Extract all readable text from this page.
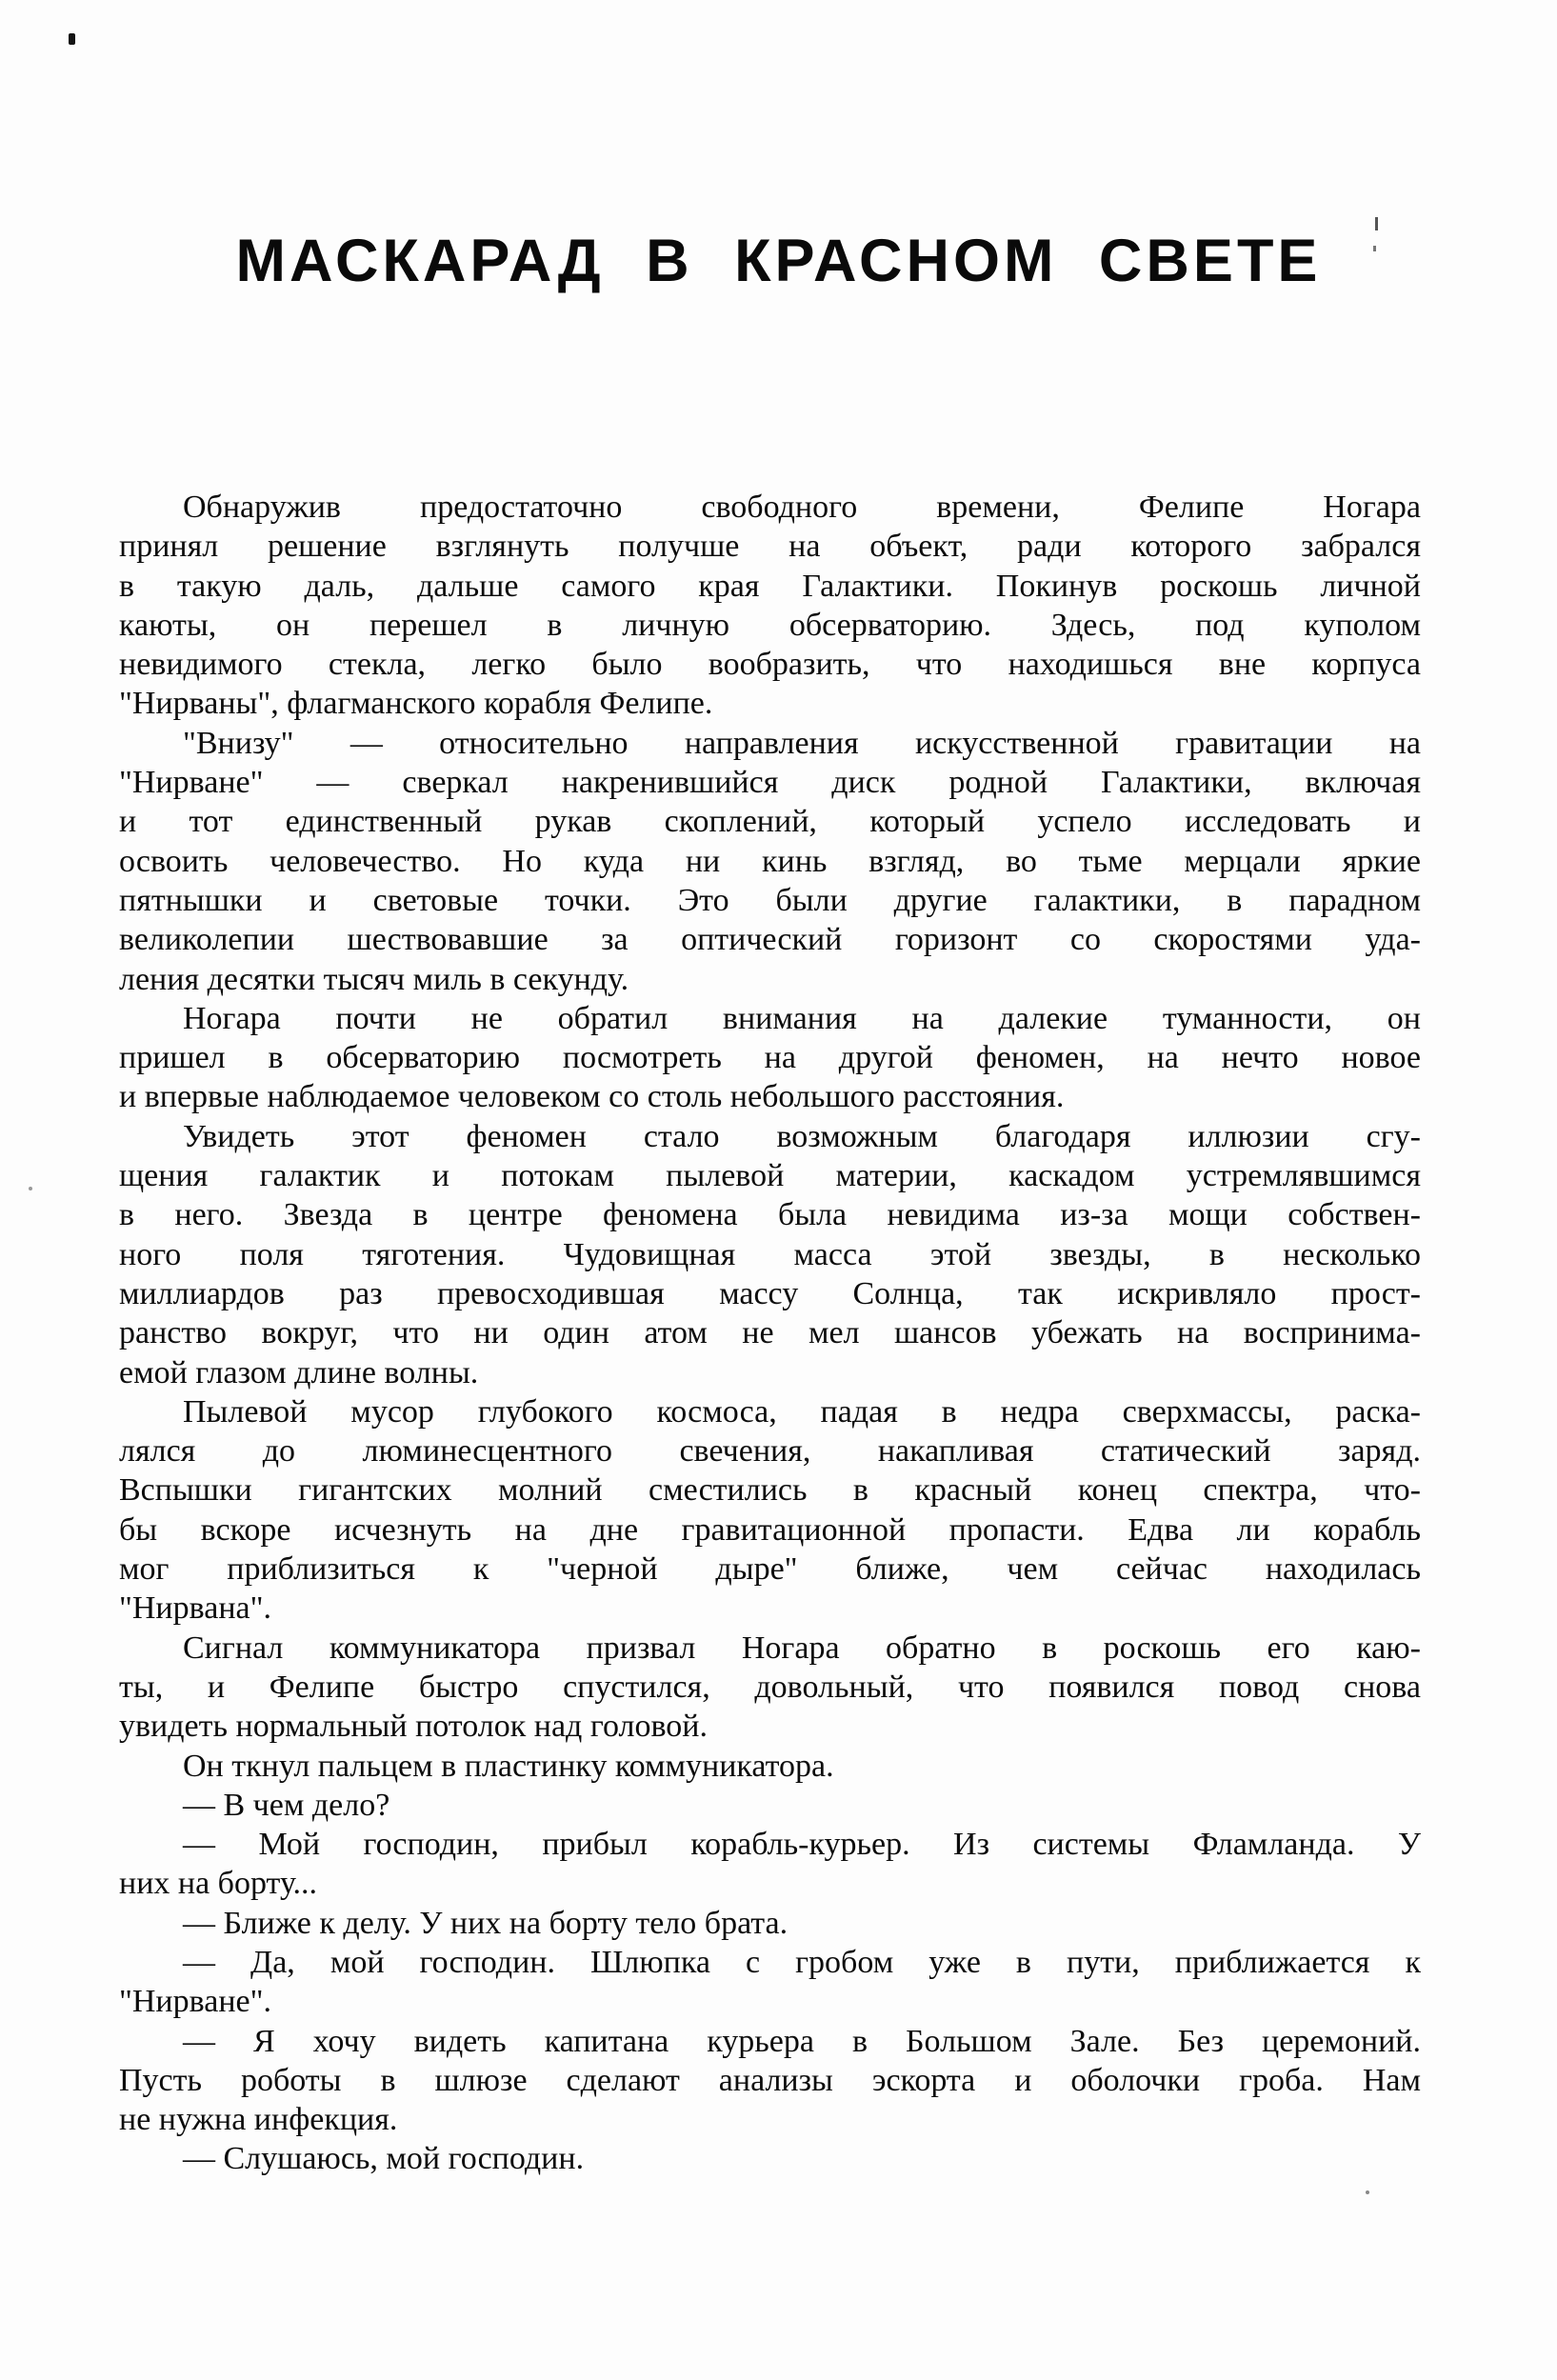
МАСКАРАД В КРАСНОМ СВЕТЕ
Обнаружив предостаточно свободного времени, Фелипе Ногара
принял решение взглянуть получше на объект, ради которого забрался
в такую даль, дальше самого края Галактики. Покинув роскошь личной
каюты, он перешел в личную обсерваторию. Здесь, под куполом
невидимого стекла, легко было вообразить, что находишься вне корпуса
"Нирваны", флагманского корабля Фелипе.
"Внизу" — относительно направления искусственной гравитации на
"Нирване" — сверкал накренившийся диск родной Галактики, включая
и тот единственный рукав скоплений, который успело исследовать и
освоить человечество. Но куда ни кинь взгляд, во тьме мерцали яркие
пятнышки и световые точки. Это были другие галактики, в парадном
великолепии шествовавшие за оптический горизонт со скоростями уда-
ления десятки тысяч миль в секунду.
Ногара почти не обратил внимания на далекие туманности, он
пришел в обсерваторию посмотреть на другой феномен, на нечто новое
и впервые наблюдаемое человеком со столь небольшого расстояния.
Увидеть этот феномен стало возможным благодаря иллюзии сгу-
щения галактик и потокам пылевой материи, каскадом устремлявшимся
в него. Звезда в центре феномена была невидима из-за мощи собствен-
ного поля тяготения. Чудовищная масса этой звезды, в несколько
миллиардов раз превосходившая массу Солнца, так искривляло прост-
ранство вокруг, что ни один атом не мел шансов убежать на воспринима-
емой глазом длине волны.
Пылевой мусор глубокого космоса, падая в недра сверхмассы, раска-
лялся до люминесцентного свечения, накапливая статический заряд.
Вспышки гигантских молний сместились в красный конец спектра, что-
бы вскоре исчезнуть на дне гравитационной пропасти. Едва ли корабль
мог приблизиться к "черной дыре" ближе, чем сейчас находилась
"Нирвана".
Сигнал коммуникатора призвал Ногара обратно в роскошь его каю-
ты, и Фелипе быстро спустился, довольный, что появился повод снова
увидеть нормальный потолок над головой.
Он ткнул пальцем в пластинку коммуникатора.
— В чем дело?
— Мой господин, прибыл корабль-курьер. Из системы Фламланда. У
них на борту...
— Ближе к делу. У них на борту тело брата.
— Да, мой господин. Шлюпка с гробом уже в пути, приближается к
"Нирване".
— Я хочу видеть капитана курьера в Большом Зале. Без церемоний.
Пусть роботы в шлюзе сделают анализы эскорта и оболочки гроба. Нам
не нужна инфекция.
— Слушаюсь, мой господин.
